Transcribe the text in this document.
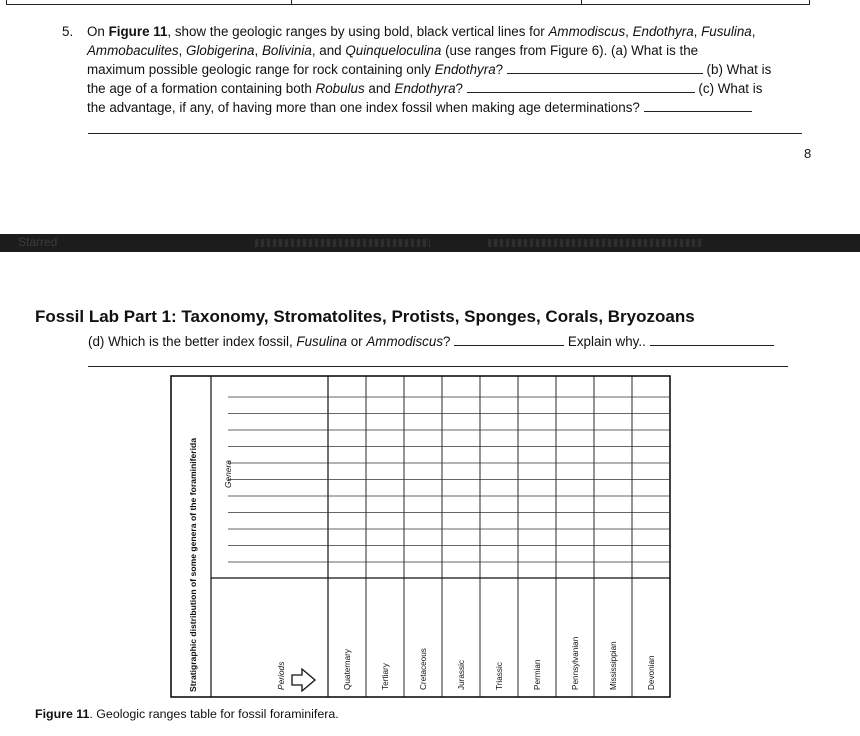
5. On Figure 11, show the geologic ranges by using bold, black vertical lines for Ammodiscus, Endothyra, Fusulina,
Ammobaculites, Globigerina, Bolivinia, and Quinqueloculina (use ranges from Figure 6). (a) What is the
maximum possible geologic range for rock containing only Endothyra?	(b) What is
the age of a formation containing both Robulus and Endothyra?	(c) What is
the advantage, if any, of having more than one index fossil when making age determinations?
8
Starred
Fossil Lab Part 1: Taxonomy, Stromatolites, Protists, Sponges, Corals, Bryozoans
(d) Which is the better index fossil, Fusulina or Ammodiscus?	Explain why..
Stratigraphic distribution of some genera of the foraminiferida	Genera
Periods	Quaternary	Tertiary	Cretaceous	Jurassic	Triassic	Permian	Pennsylvanian	Mississippian	Devonian
Figure 11. Geologic ranges table for fossil foraminifera.
